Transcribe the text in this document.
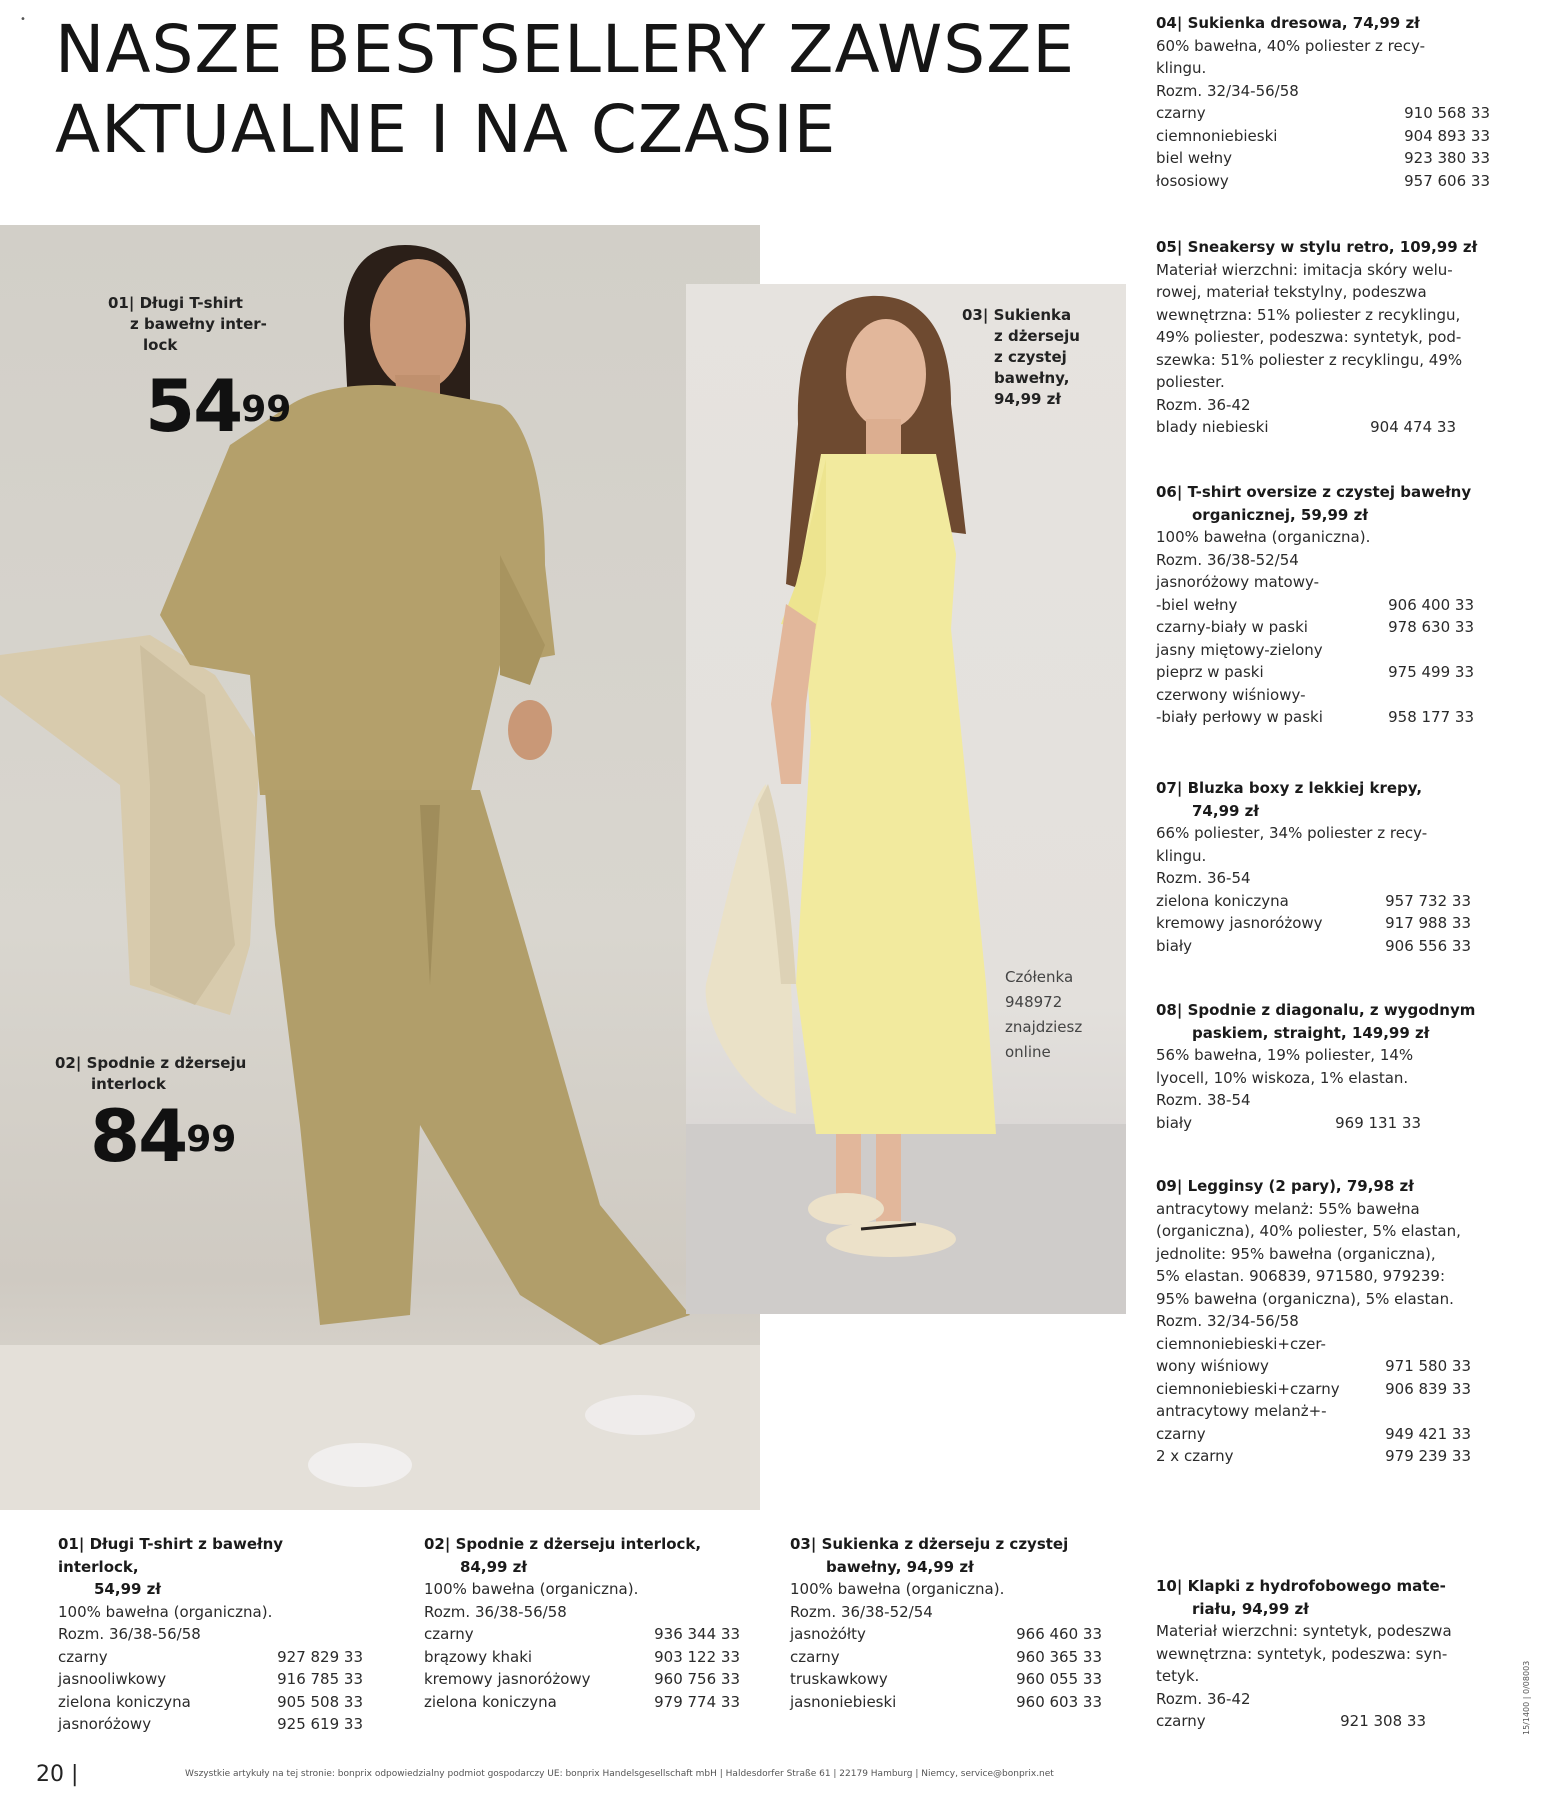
• NASZE BESTSELLERY ZAWSZE
AKTUALNE I NA CZASIE
01| Długi T-shirt
z bawełny inter-
lock
$54^{99}$
02| Spodnie z dżerseju
interlock
$84^{99}$
03| Sukienka
z dżerseju
z czystej
bawełny,
94,99 zł
Czółenka
948972
znajdziesz
online
04| Sukienka dresowa, 74,99 zł
60% bawełna, 40% poliester z recy-
klingu.
Rozm. 32/34-56/58
czarny	910 568 33
ciemnoniebieski	904 893 33
biel wełny	923 380 33
łososiowy	957 606 33
05| Sneakersy w stylu retro, 109,99 zł
Materiał wierzchni: imitacja skóry welu-
rowej, materiał tekstylny, podeszwa
wewnętrzna: 51% poliester z recyklingu,
49% poliester, podeszwa: syntetyk, pod-
szewka: 51% poliester z recyklingu, 49%
poliester.
Rozm. 36-42
blady niebieski	904 474 33
06| T-shirt oversize z czystej bawełny
organicznej, 59,99 zł
100% bawełna (organiczna).
Rozm. 36/38-52/54
jasnoróżowy matowy-
-biel wełny	906 400 33
czarny-biały w paski	978 630 33
jasny miętowy-zielony
pieprz w paski	975 499 33
czerwony wiśniowy-
-biały perłowy w paski	958 177 33
07| Bluzka boxy z lekkiej krepy,
74,99 zł
66% poliester, 34% poliester z recy-
klingu.
Rozm. 36-54
zielona koniczyna	957 732 33
kremowy jasnoróżowy	917 988 33
biały	906 556 33
08| Spodnie z diagonalu, z wygodnym
paskiem, straight, 149,99 zł
56% bawełna, 19% poliester, 14%
lyocell, 10% wiskoza, 1% elastan.
Rozm. 38-54
biały	969 131 33
09| Legginsy (2 pary), 79,98 zł
antracytowy melanż: 55% bawełna
(organiczna), 40% poliester, 5% elastan,
jednolite: 95% bawełna (organiczna),
5% elastan. 906839, 971580, 979239:
95% bawełna (organiczna), 5% elastan.
Rozm. 32/34-56/58
ciemnoniebieski+czer-
wony wiśniowy	971 580 33
ciemnoniebieski+czarny	906 839 33
antracytowy melanż+-
czarny	949 421 33
2 x czarny	979 239 33
10| Klapki z hydrofobowego mate-
riału, 94,99 zł
Materiał wierzchni: syntetyk, podeszwa
wewnętrzna: syntetyk, podeszwa: syn-
tetyk.
Rozm. 36-42
czarny	921 308 33
01| Długi T-shirt z bawełny interlock,
54,99 zł
100% bawełna (organiczna).
Rozm. 36/38-56/58
czarny	927 829 33
jasnooliwkowy	916 785 33
zielona koniczyna	905 508 33
jasnoróżowy	925 619 33
02| Spodnie z dżerseju interlock,
84,99 zł
100% bawełna (organiczna).
Rozm. 36/38-56/58
czarny	936 344 33
brązowy khaki	903 122 33
kremowy jasnoróżowy	960 756 33
zielona koniczyna	979 774 33
03| Sukienka z dżerseju z czystej
bawełny, 94,99 zł
100% bawełna (organiczna).
Rozm. 36/38-52/54
jasnożółty	966 460 33
czarny	960 365 33
truskawkowy	960 055 33
jasnoniebieski	960 603 33	15/1400 | 0/08003
20 |	Wszystkie artykuły na tej stronie: bonprix odpowiedzialny podmiot gospodarczy UE: bonprix Handelsgesellschaft mbH | Haldesdorfer Straße 61 | 22179 Hamburg | Niemcy, service@bonprix.net
